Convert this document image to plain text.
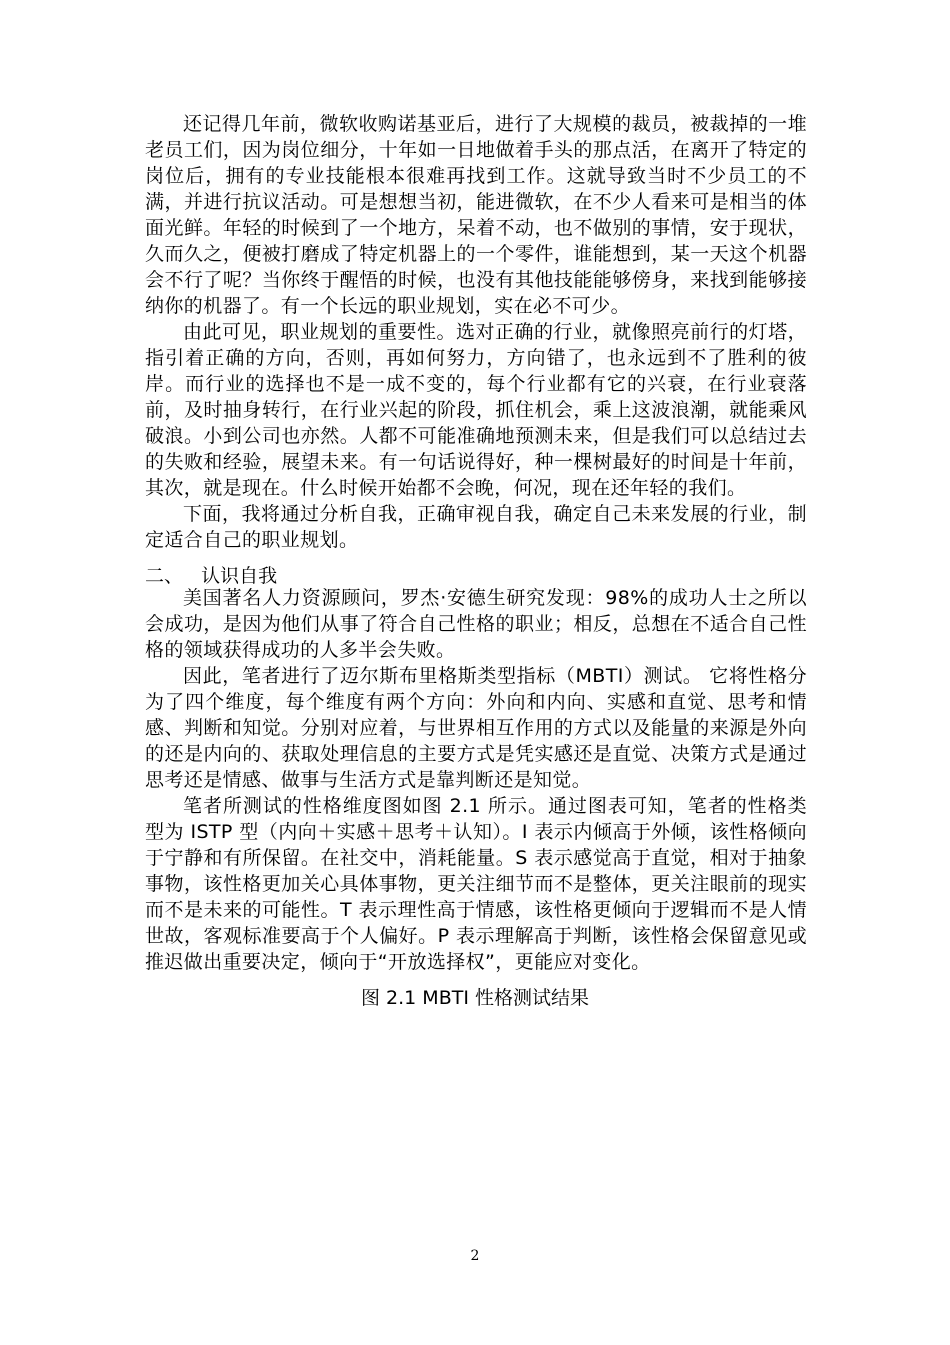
还记得几年前，微软收购诺基亚后，进行了大规模的裁员，被裁掉的一堆老员工们，因为岗位细分，十年如一日地做着手头的那点活，在离开了特定的岗位后，拥有的专业技能根本很难再找到工作。这就导致当时不少员工的不满，并进行抗议活动。可是想想当初，能进微软，在不少人看来可是相当的体面光鲜。年轻的时候到了一个地方，呆着不动，也不做别的事情，安于现状，久而久之，便被打磨成了特定机器上的一个零件，谁能想到，某一天这个机器会不行了呢？当你终于醒悟的时候，也没有其他技能能够傍身，来找到能够接纳你的机器了。有一个长远的职业规划，实在必不可少。

由此可见，职业规划的重要性。选对正确的行业，就像照亮前行的灯塔，指引着正确的方向，否则，再如何努力，方向错了，也永远到不了胜利的彼岸。而行业的选择也不是一成不变的，每个行业都有它的兴衰，在行业衰落前，及时抽身转行，在行业兴起的阶段，抓住机会，乘上这波浪潮，就能乘风破浪。小到公司也亦然。人都不可能准确地预测未来，但是我们可以总结过去的失败和经验，展望未来。有一句话说得好，种一棵树最好的时间是十年前，其次，就是现在。什么时候开始都不会晚，何况，现在还年轻的我们。

下面，我将通过分析自我，正确审视自我，确定自己未来发展的行业，制定适合自己的职业规划。

二、   认识自我

美国著名人力资源顾问，罗杰·安德生研究发现：98%的成功人士之所以会成功，是因为他们从事了符合自己性格的职业；相反，总想在不适合自己性格的领域获得成功的人多半会失败。

因此，笔者进行了迈尔斯布里格斯类型指标（MBTI）测试。 它将性格分为了四个维度，每个维度有两个方向：外向和内向、实感和直觉、思考和情感、判断和知觉。分别对应着，与世界相互作用的方式以及能量的来源是外向的还是内向的、获取处理信息的主要方式是凭实感还是直觉、决策方式是通过思考还是情感、做事与生活方式是靠判断还是知觉。

笔者所测试的性格维度图如图 2.1 所示。通过图表可知，笔者的性格类型为 ISTP 型（内向＋实感＋思考＋认知）。I 表示内倾高于外倾，该性格倾向于宁静和有所保留。在社交中，消耗能量。S 表示感觉高于直觉，相对于抽象事物，该性格更加关心具体事物，更关注细节而不是整体，更关注眼前的现实而不是未来的可能性。T 表示理性高于情感，该性格更倾向于逻辑而不是人情世故，客观标准要高于个人偏好。P 表示理解高于判断，该性格会保留意见或推迟做出重要决定，倾向于“开放选择权”，更能应对变化。

图 2.1 MBTI 性格测试结果
2
